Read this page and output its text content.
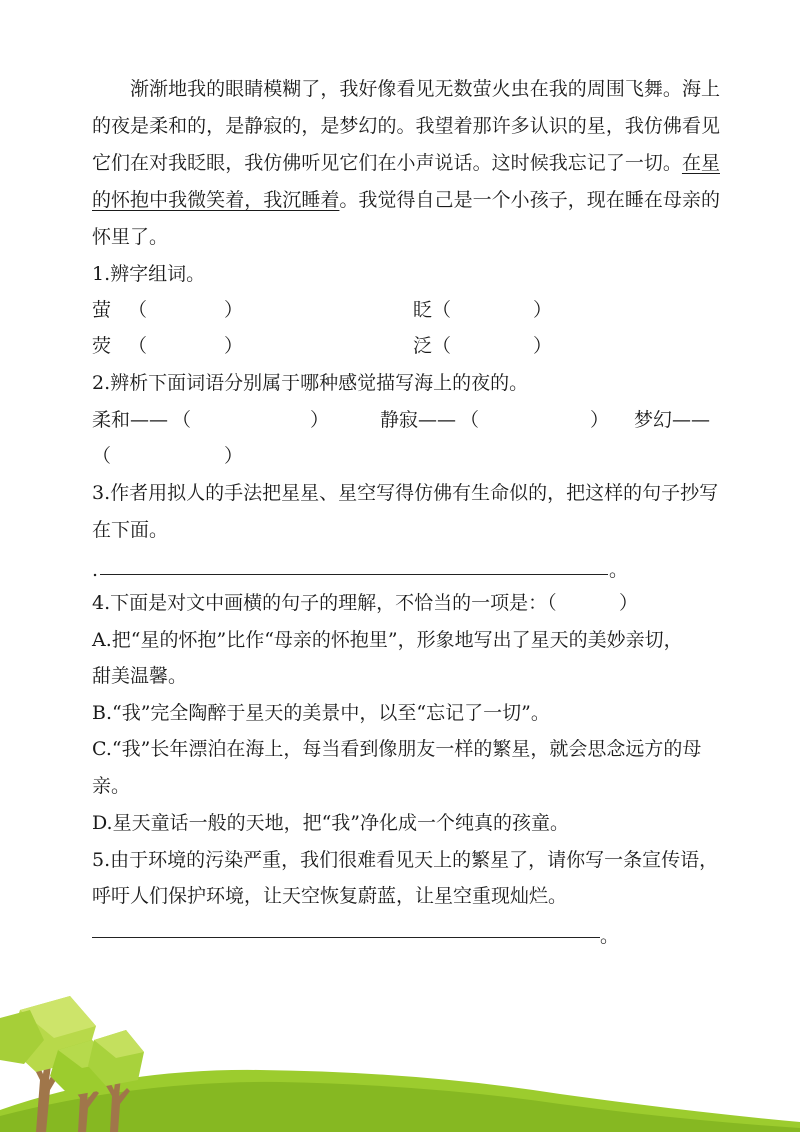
渐渐地我的眼睛模糊了，我好像看见无数萤火虫在我的周围飞舞。海上的夜是柔和的，是静寂的，是梦幻的。我望着那许多认识的星，我仿佛看见它们在对我眨眼，我仿佛听见它们在小声说话。这时候我忘记了一切。在星的怀抱中我微笑着，我沉睡着。我觉得自己是一个小孩子，现在睡在母亲的怀里了。
1.辨字组词。
萤 （	）	眨 （	）
荧 （	）	泛 （	）
2.辨析下面词语分别属于哪种感觉描写海上的夜的。
柔和—— （	）	静寂—— （	） 梦幻——
（	）
3.作者用拟人的手法把星星、星空写得仿佛有生命似的，把这样的句子抄写
在下面。
.	。
4.下面是对文中画横的句子的理解，不恰当的一项是：（	）
A.把“星的怀抱”比作“母亲的怀抱里”，形象地写出了星天的美妙亲切，
甜美温馨。
B.“我”完全陶醉于星天的美景中，以至“忘记了一切”。
C.“我”长年漂泊在海上，每当看到像朋友一样的繁星，就会思念远方的母
亲。
D.星天童话一般的天地，把“我”净化成一个纯真的孩童。
5.由于环境的污染严重，我们很难看见天上的繁星了，请你写一条宣传语，
呼吁人们保护环境，让天空恢复蔚蓝，让星空重现灿烂。
。
